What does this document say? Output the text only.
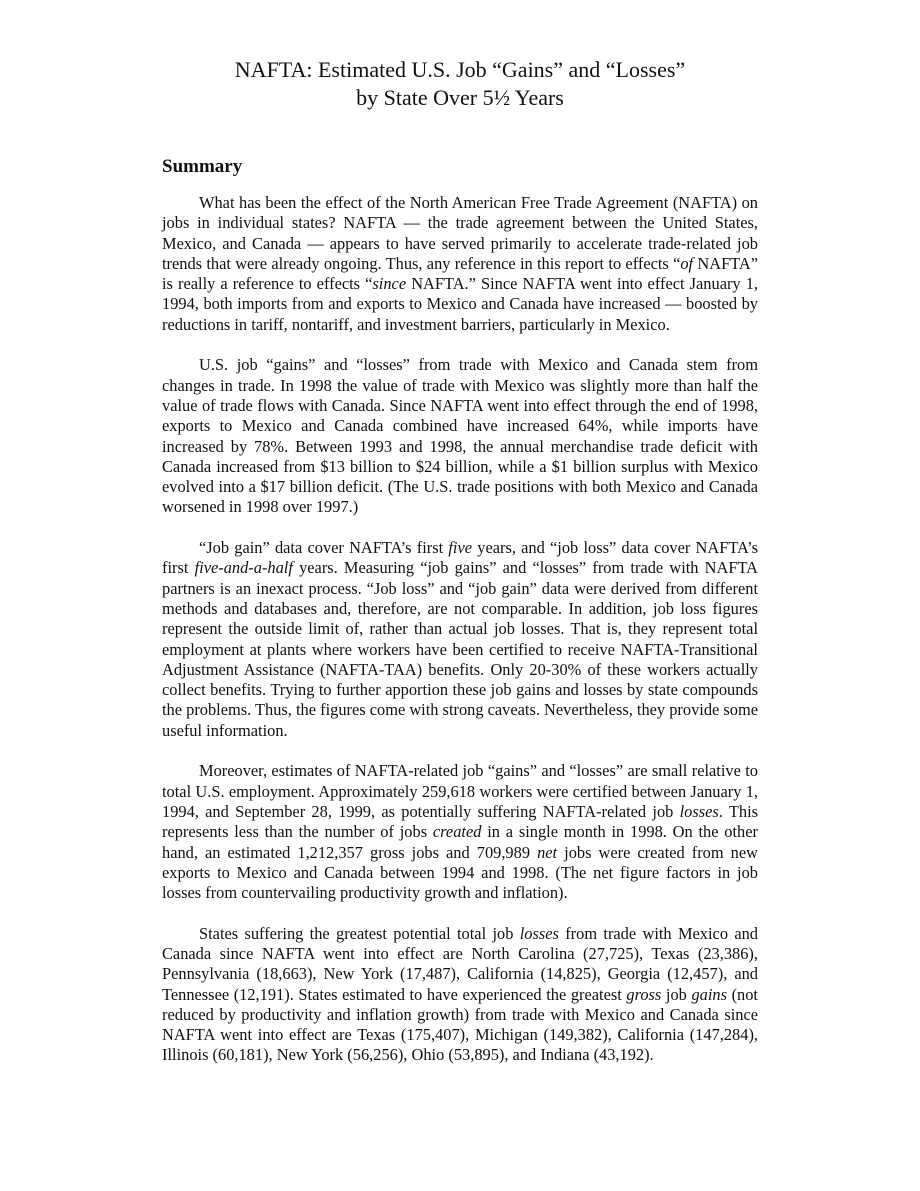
NAFTA: Estimated U.S. Job “Gains” and “Losses”
by State Over 5½ Years
Summary

What has been the effect of the North American Free Trade Agreement (NAFTA) on jobs in individual states? NAFTA — the trade agreement between the United States, Mexico, and Canada — appears to have served primarily to accelerate trade-related job trends that were already ongoing. Thus, any reference in this report to effects “of NAFTA” is really a reference to effects “since NAFTA.” Since NAFTA went into effect January 1, 1994, both imports from and exports to Mexico and Canada have increased — boosted by reductions in tariff, nontariff, and investment barriers, particularly in Mexico.

U.S. job “gains” and “losses” from trade with Mexico and Canada stem from changes in trade. In 1998 the value of trade with Mexico was slightly more than half the value of trade flows with Canada. Since NAFTA went into effect through the end of 1998, exports to Mexico and Canada combined have increased 64%, while imports have increased by 78%. Between 1993 and 1998, the annual merchandise trade deficit with Canada increased from $13 billion to $24 billion, while a $1 billion surplus with Mexico evolved into a $17 billion deficit. (The U.S. trade positions with both Mexico and Canada worsened in 1998 over 1997.)

“Job gain” data cover NAFTA’s first five years, and “job loss” data cover NAFTA’s first five-and-a-half years. Measuring “job gains” and “losses” from trade with NAFTA partners is an inexact process. “Job loss” and “job gain” data were derived from different methods and databases and, therefore, are not comparable. In addition, job loss figures represent the outside limit of, rather than actual job losses. That is, they represent total employment at plants where workers have been certified to receive NAFTA-Transitional Adjustment Assistance (NAFTA-TAA) benefits. Only 20-30% of these workers actually collect benefits. Trying to further apportion these job gains and losses by state compounds the problems. Thus, the figures come with strong caveats. Nevertheless, they provide some useful information.

Moreover, estimates of NAFTA-related job “gains” and “losses” are small relative to total U.S. employment. Approximately 259,618 workers were certified between January 1, 1994, and September 28, 1999, as potentially suffering NAFTA-related job losses. This represents less than the number of jobs created in a single month in 1998. On the other hand, an estimated 1,212,357 gross jobs and 709,989 net jobs were created from new exports to Mexico and Canada between 1994 and 1998. (The net figure factors in job losses from countervailing productivity growth and inflation).

States suffering the greatest potential total job losses from trade with Mexico and Canada since NAFTA went into effect are North Carolina (27,725), Texas (23,386), Pennsylvania (18,663), New York (17,487), California (14,825), Georgia (12,457), and Tennessee (12,191). States estimated to have experienced the greatest gross job gains (not reduced by productivity and inflation growth) from trade with Mexico and Canada since NAFTA went into effect are Texas (175,407), Michigan (149,382), California (147,284), Illinois (60,181), New York (56,256), Ohio (53,895), and Indiana (43,192).
